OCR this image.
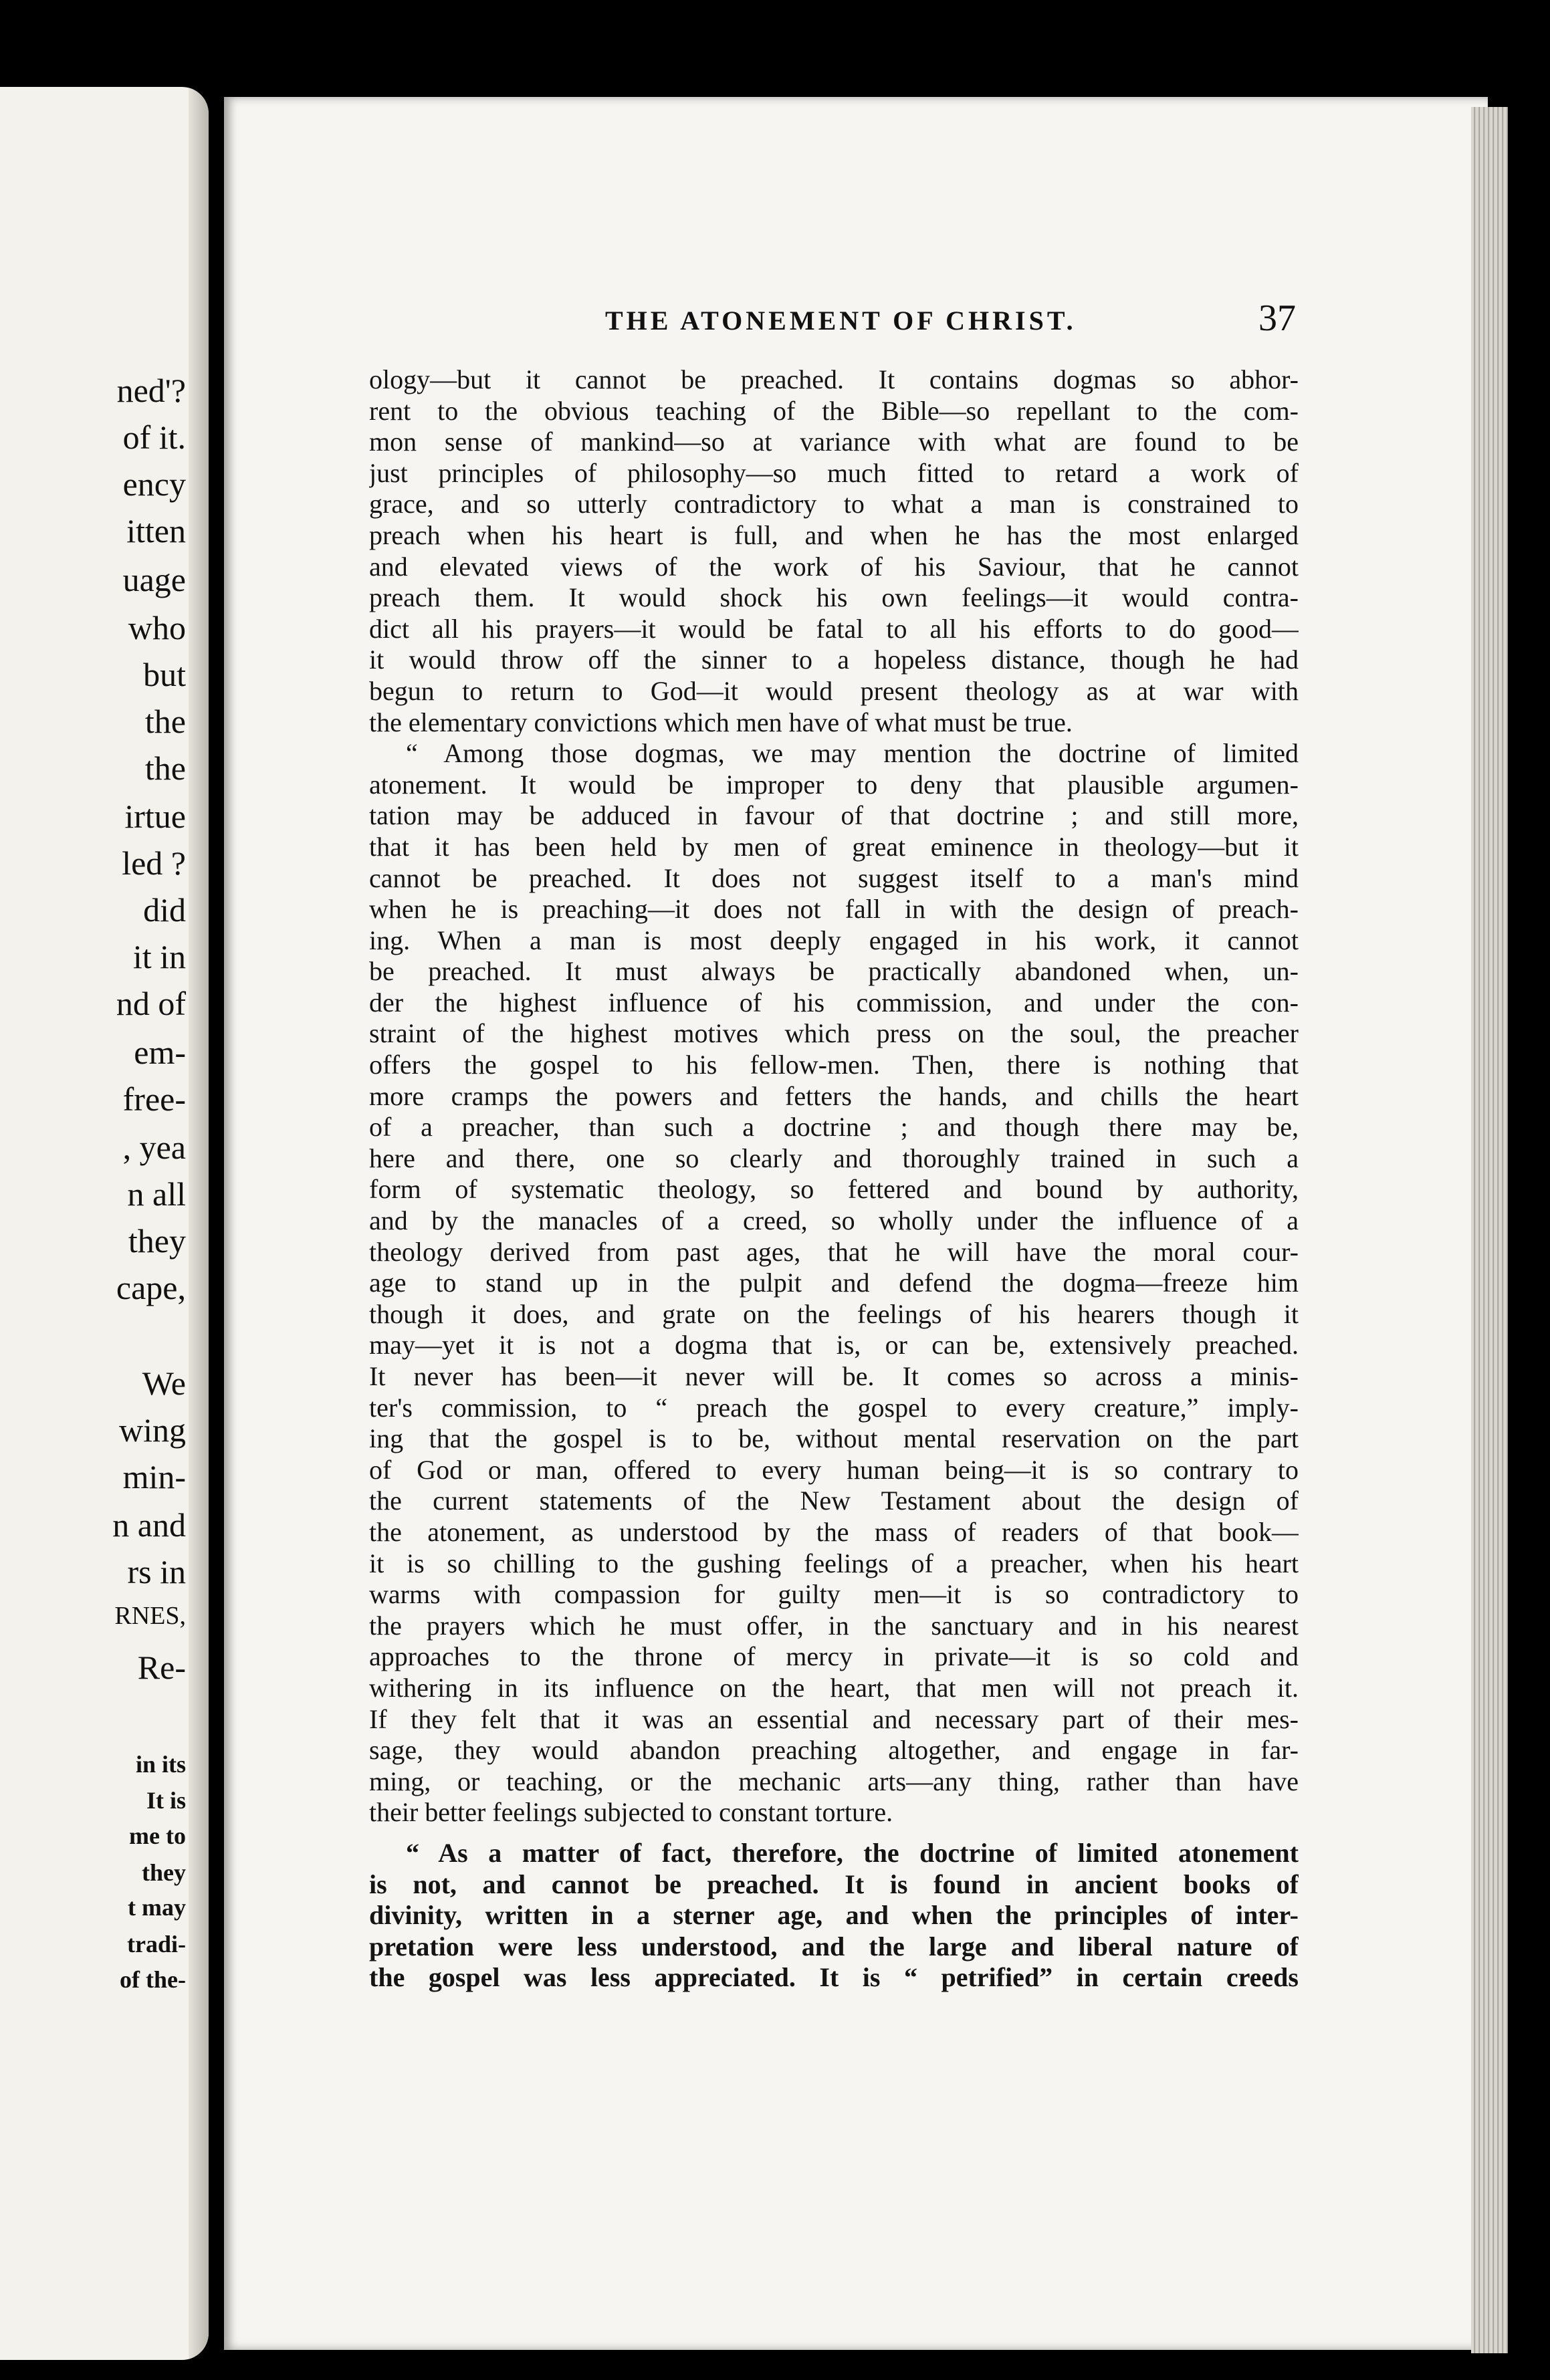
ned'?
of it.
ency
itten
uage
who
but
the
the
irtue
led ?
did
it in
nd of
em-
free-
, yea
n all
they
cape,
We
wing
min-
n and
rs in
RNES,
Re-
in its
It is
me to
they
t may
tradi-
of the-
THE ATONEMENT OF CHRIST.	37
ology—but it cannot be preached. It contains dogmas so abhor-
rent to the obvious teaching of the Bible—so repellant to the com-
mon sense of mankind—so at variance with what are found to be
just principles of philosophy—so much fitted to retard a work of
grace, and so utterly contradictory to what a man is constrained to
preach when his heart is full, and when he has the most enlarged
and elevated views of the work of his Saviour, that he cannot
preach them. It would shock his own feelings—it would contra-
dict all his prayers—it would be fatal to all his efforts to do good—
it would throw off the sinner to a hopeless distance, though he had
begun to return to God—it would present theology as at war with
the elementary convictions which men have of what must be true.
“ Among those dogmas, we may mention the doctrine of limited
atonement. It would be improper to deny that plausible argumen-
tation may be adduced in favour of that doctrine ; and still more,
that it has been held by men of great eminence in theology—but it
cannot be preached. It does not suggest itself to a man's mind
when he is preaching—it does not fall in with the design of preach-
ing. When a man is most deeply engaged in his work, it cannot
be preached. It must always be practically abandoned when, un-
der the highest influence of his commission, and under the con-
straint of the highest motives which press on the soul, the preacher
offers the gospel to his fellow-men. Then, there is nothing that
more cramps the powers and fetters the hands, and chills the heart
of a preacher, than such a doctrine ; and though there may be,
here and there, one so clearly and thoroughly trained in such a
form of systematic theology, so fettered and bound by authority,
and by the manacles of a creed, so wholly under the influence of a
theology derived from past ages, that he will have the moral cour-
age to stand up in the pulpit and defend the dogma—freeze him
though it does, and grate on the feelings of his hearers though it
may—yet it is not a dogma that is, or can be, extensively preached.
It never has been—it never will be. It comes so across a minis-
ter's commission, to “ preach the gospel to every creature,” imply-
ing that the gospel is to be, without mental reservation on the part
of God or man, offered to every human being—it is so contrary to
the current statements of the New Testament about the design of
the atonement, as understood by the mass of readers of that book—
it is so chilling to the gushing feelings of a preacher, when his heart
warms with compassion for guilty men—it is so contradictory to
the prayers which he must offer, in the sanctuary and in his nearest
approaches to the throne of mercy in private—it is so cold and
withering in its influence on the heart, that men will not preach it.
If they felt that it was an essential and necessary part of their mes-
sage, they would abandon preaching altogether, and engage in far-
ming, or teaching, or the mechanic arts—any thing, rather than have
their better feelings subjected to constant torture.
“ As a matter of fact, therefore, the doctrine of limited atonement
is not, and cannot be preached. It is found in ancient books of
divinity, written in a sterner age, and when the principles of inter-
pretation were less understood, and the large and liberal nature of
the gospel was less appreciated. It is “ petrified” in certain creeds
